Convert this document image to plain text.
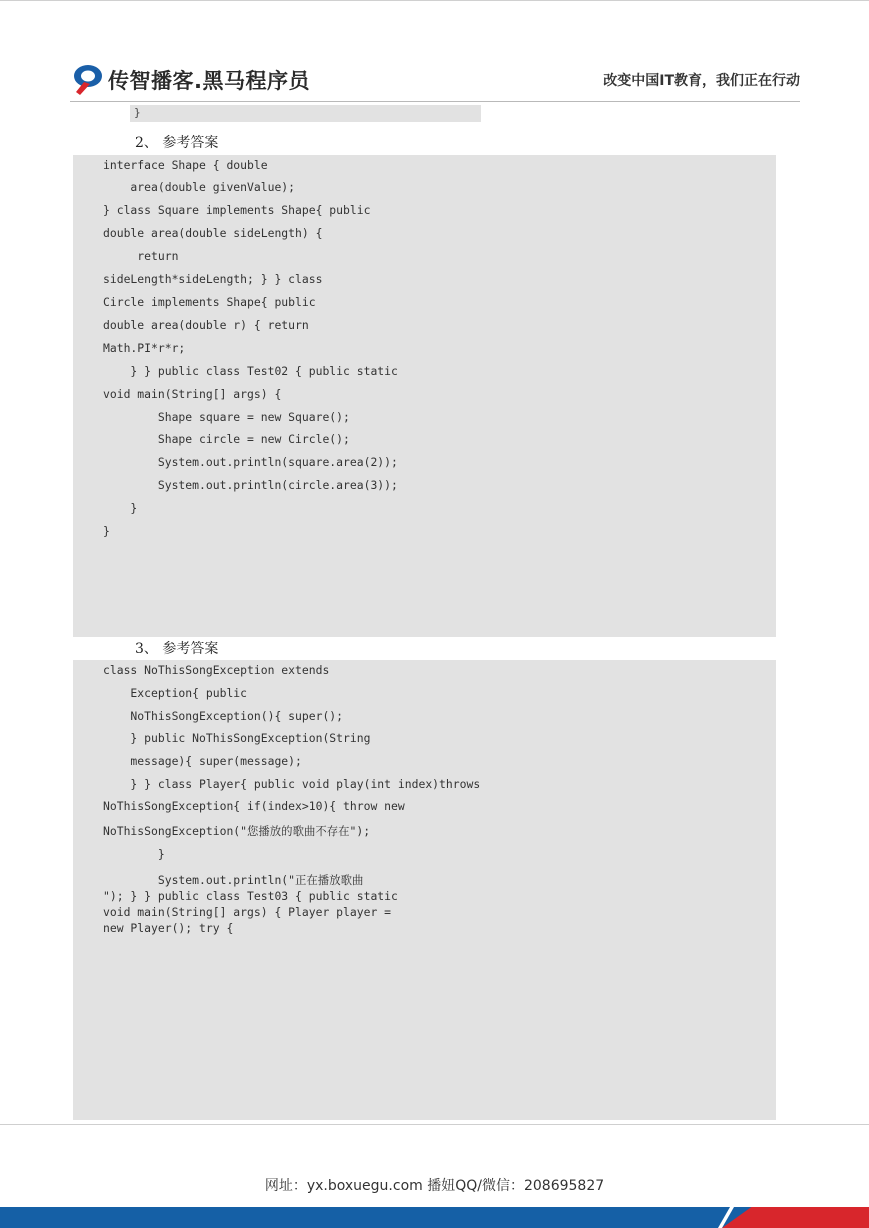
传智播客.黑马程序员	改变中国IT教育，我们正在行动
}
2、 参考答案
interface Shape { double
area(double givenValue);
} class Square implements Shape{ public
double area(double sideLength) {
return
sideLength*sideLength; } } class
Circle implements Shape{ public
double area(double r) { return
Math.PI*r*r;
} } public class Test02 { public static
void main(String[] args) {
Shape square = new Square();
Shape circle = new Circle();
System.out.println(square.area(2));
System.out.println(circle.area(3));
}
}
3、 参考答案
class NoThisSongException extends
Exception{ public
NoThisSongException(){ super();
} public NoThisSongException(String
message){ super(message);
} } class Player{ public void play(int index)throws
NoThisSongException{ if(index>10){ throw new
NoThisSongException("您播放的歌曲不存在");
}
System.out.println("正在播放歌曲
"); } } public class Test03 { public static
void main(String[] args) { Player player =
new Player(); try {
网址：yx.boxuegu.com 播妞QQ/微信：208695827
